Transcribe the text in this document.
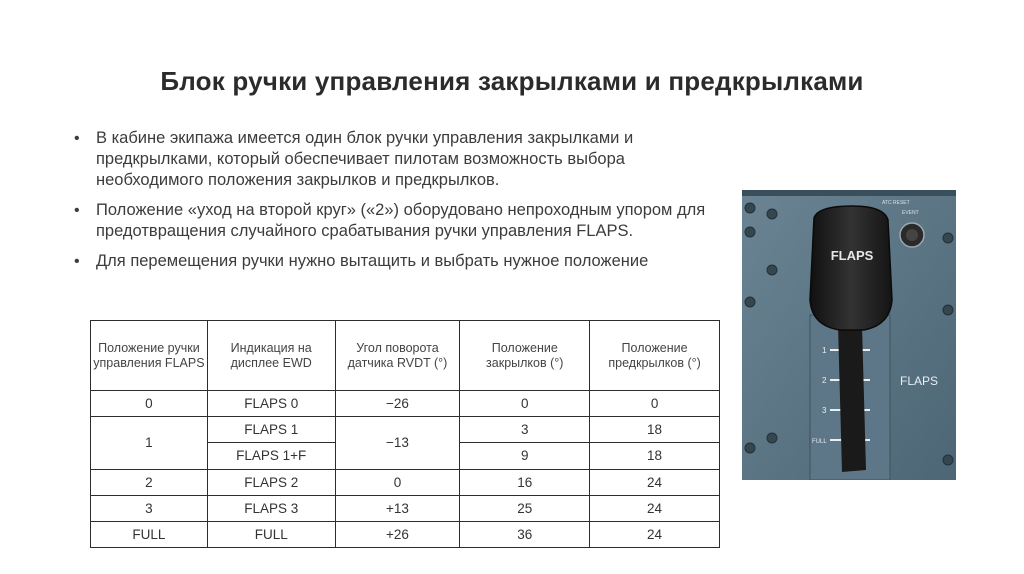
Блок ручки управления закрылками и предкрылками
• В кабине экипажа имеется один блок ручки управления закрылками и предкрылками, который обеспечивает пилотам возможность выбора необходимого положения закрылков и предкрылков.
• Положение «уход на второй круг» («2») оборудовано непроходным упором для предотвращения случайного срабатывания ручки управления FLAPS.
• Для перемещения ручки нужно вытащить и выбрать нужное положение
Положение ручки управления FLAPS	Индикация на дисплее EWD	Угол поворота датчика RVDT (°)	Положение закрылков (°)	Положение предкрылков (°)
0	FLAPS 0	−26	0	0
1	FLAPS 1	−13	3	18
	FLAPS 1+F		9	18
2	FLAPS 2	0	16	24
3	FLAPS 3	+13	25	24
FULL	FULL	+26	36	24
1
2
3
FULL
FLAPS
FLAPS
ATC RESET
EVENT
